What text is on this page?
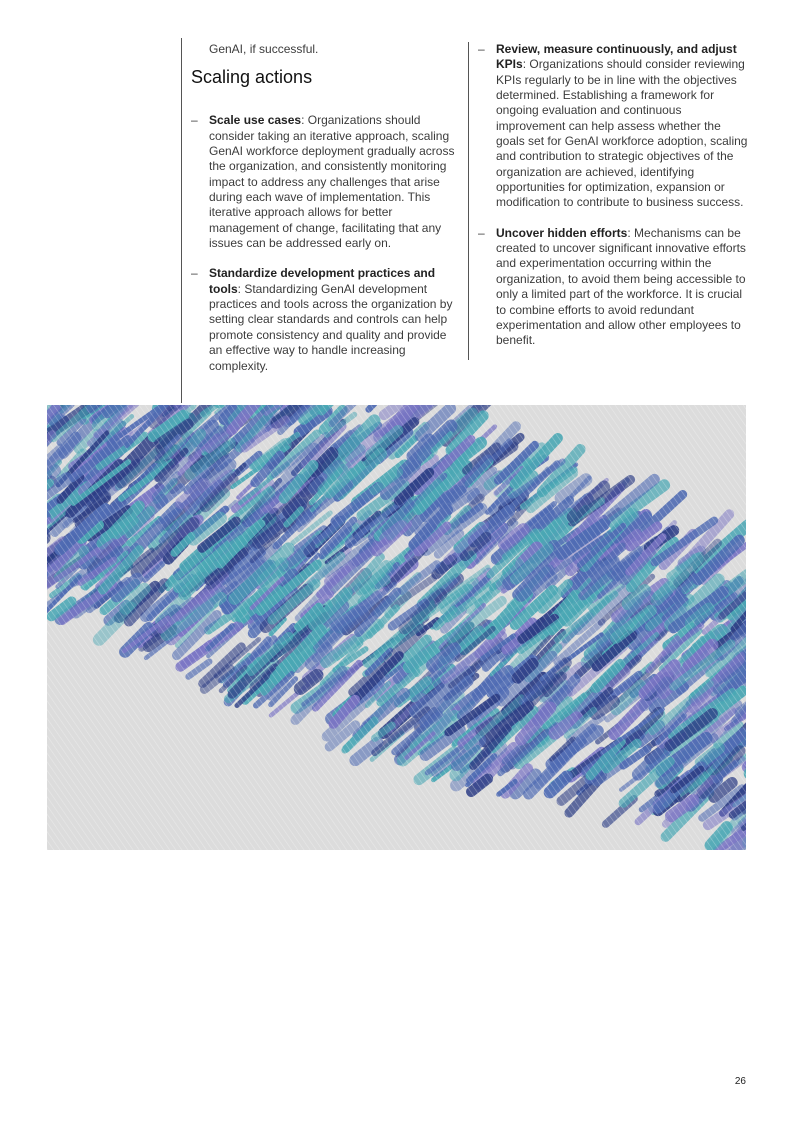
GenAI, if successful.

Scaling actions
– Scale use cases: Organizations should consider taking an iterative approach, scaling GenAI workforce deployment gradually across the organization, and consistently monitoring impact to address any challenges that arise during each wave of implementation. This iterative approach allows for better management of change, facilitating that any issues can be addressed early on.
– Standardize development practices and tools: Standardizing GenAI development practices and tools across the organization by setting clear standards and controls can help promote consistency and quality and provide an effective way to handle increasing complexity.
– Review, measure continuously, and adjust KPIs: Organizations should consider reviewing KPIs regularly to be in line with the objectives determined. Establishing a framework for ongoing evaluation and continuous improvement can help assess whether the goals set for GenAI workforce adoption, scaling and contribution to strategic objectives of the organization are achieved, identifying opportunities for optimization, expansion or modification to contribute to business success.
– Uncover hidden efforts: Mechanisms can be created to uncover significant innovative efforts and experimentation occurring within the organization, to avoid them being accessible to only a limited part of the workforce. It is crucial to combine efforts to avoid redundant experimentation and allow other employees to benefit.
26
